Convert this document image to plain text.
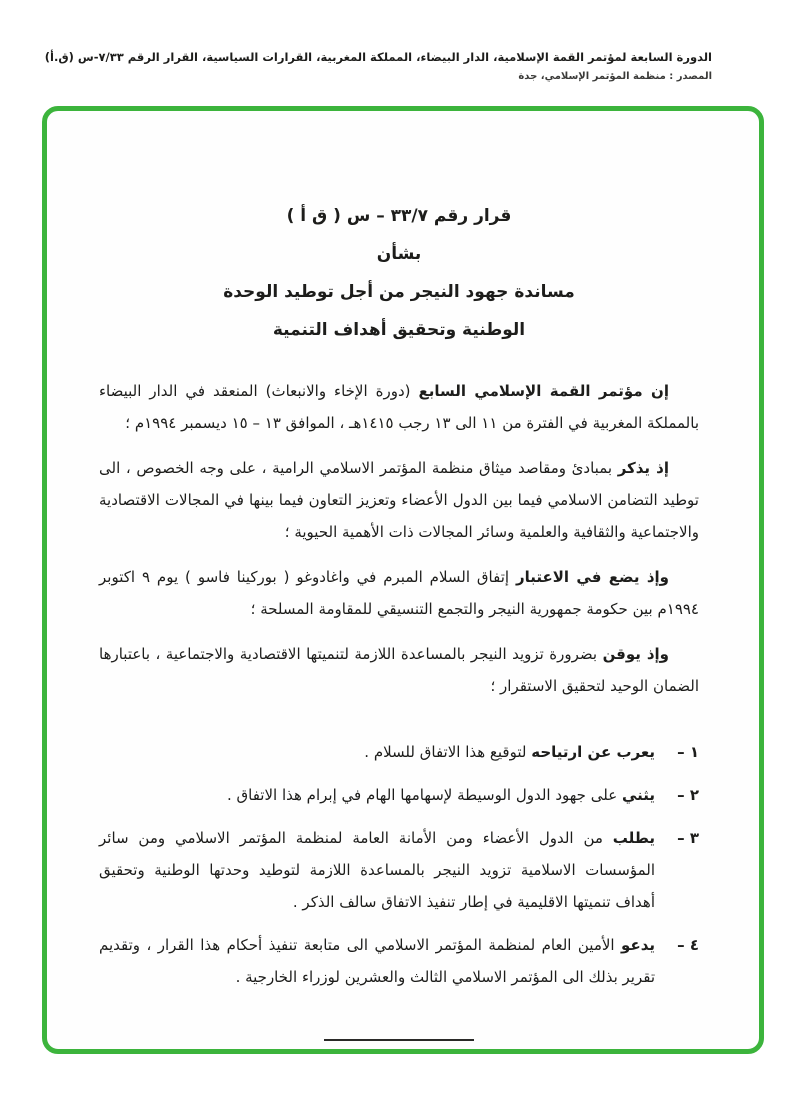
الدورة السابعة لمؤتمر القمة الإسلامية، الدار البيضاء، المملكة المغربية، القرارات السياسية، القرار الرقم ٧/٣٣-س (ق.أ)
المصدر : منظمة المؤتمر الإسلامي، جدة
قرار رقم ٣٣/٧ – س ( ق أ )
بشأن
مساندة جهود النيجر من أجل توطيد الوحدة
الوطنية وتحقيق أهداف التنمية

إن مؤتمر القمة الإسلامي السابع (دورة الإخاء والانبعاث) المنعقد في الدار البيضاء بالمملكة المغربية في الفترة من ١١ الى ١٣ رجب ١٤١٥هـ ، الموافق ١٣ – ١٥ ديسمبر ١٩٩٤م ؛

إذ يذكر بمبادئ ومقاصد ميثاق منظمة المؤتمر الاسلامي الرامية ، على وجه الخصوص ، الى توطيد التضامن الاسلامي فيما بين الدول الأعضاء وتعزيز التعاون فيما بينها في المجالات الاقتصادية والاجتماعية والثقافية والعلمية وسائر المجالات ذات الأهمية الحيوية ؛

وإذ يضع في الاعتبار إتفاق السلام المبرم في واغادوغو ( بوركينا فاسو ) يوم ٩ اكتوبر ١٩٩٤م بين حكومة جمهورية النيجر والتجمع التنسيقي للمقاومة المسلحة ؛

وإذ يوقن بضرورة تزويد النيجر بالمساعدة اللازمة لتنميتها الاقتصادية والاجتماعية ، باعتبارها الضمان الوحيد لتحقيق الاستقرار ؛

١ –
يعرب عن ارتياحه لتوقيع هذا الاتفاق للسلام .
٢ –
يثني على جهود الدول الوسيطة لإسهامها الهام في إبرام هذا الاتفاق .
٣ –
يطلب من الدول الأعضاء ومن الأمانة العامة لمنظمة المؤتمر الاسلامي ومن سائر المؤسسات الاسلامية تزويد النيجر بالمساعدة اللازمة لتوطيد وحدتها الوطنية وتحقيق أهداف تنميتها الاقليمية في إطار تنفيذ الاتفاق سالف الذكر .
٤ –
يدعو الأمين العام لمنظمة المؤتمر الاسلامي الى متابعة تنفيذ أحكام هذا القرار ، وتقديم تقرير بذلك الى المؤتمر الاسلامي الثالث والعشرين لوزراء الخارجية .
